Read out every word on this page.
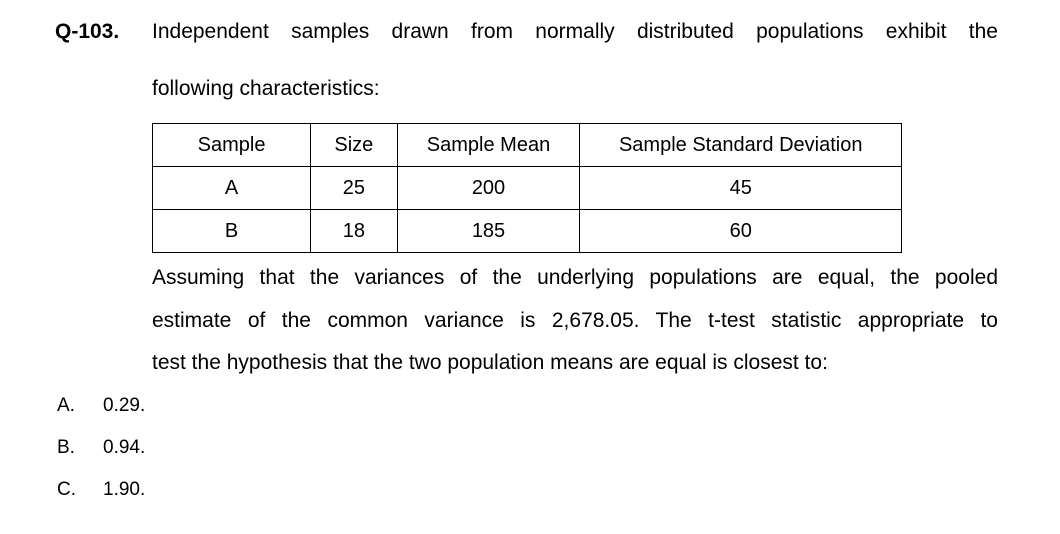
Q-103. Independent samples drawn from normally distributed populations exhibit the
following characteristics:
Sample	Size	Sample Mean	Sample Standard Deviation
A	25	200	45
B	18	185	60
Assuming that the variances of the underlying populations are equal, the pooled
estimate of the common variance is 2,678.05. The t-test statistic appropriate to
test the hypothesis that the two population means are equal is closest to:
A. 0.29.
B. 0.94.
C. 1.90.
